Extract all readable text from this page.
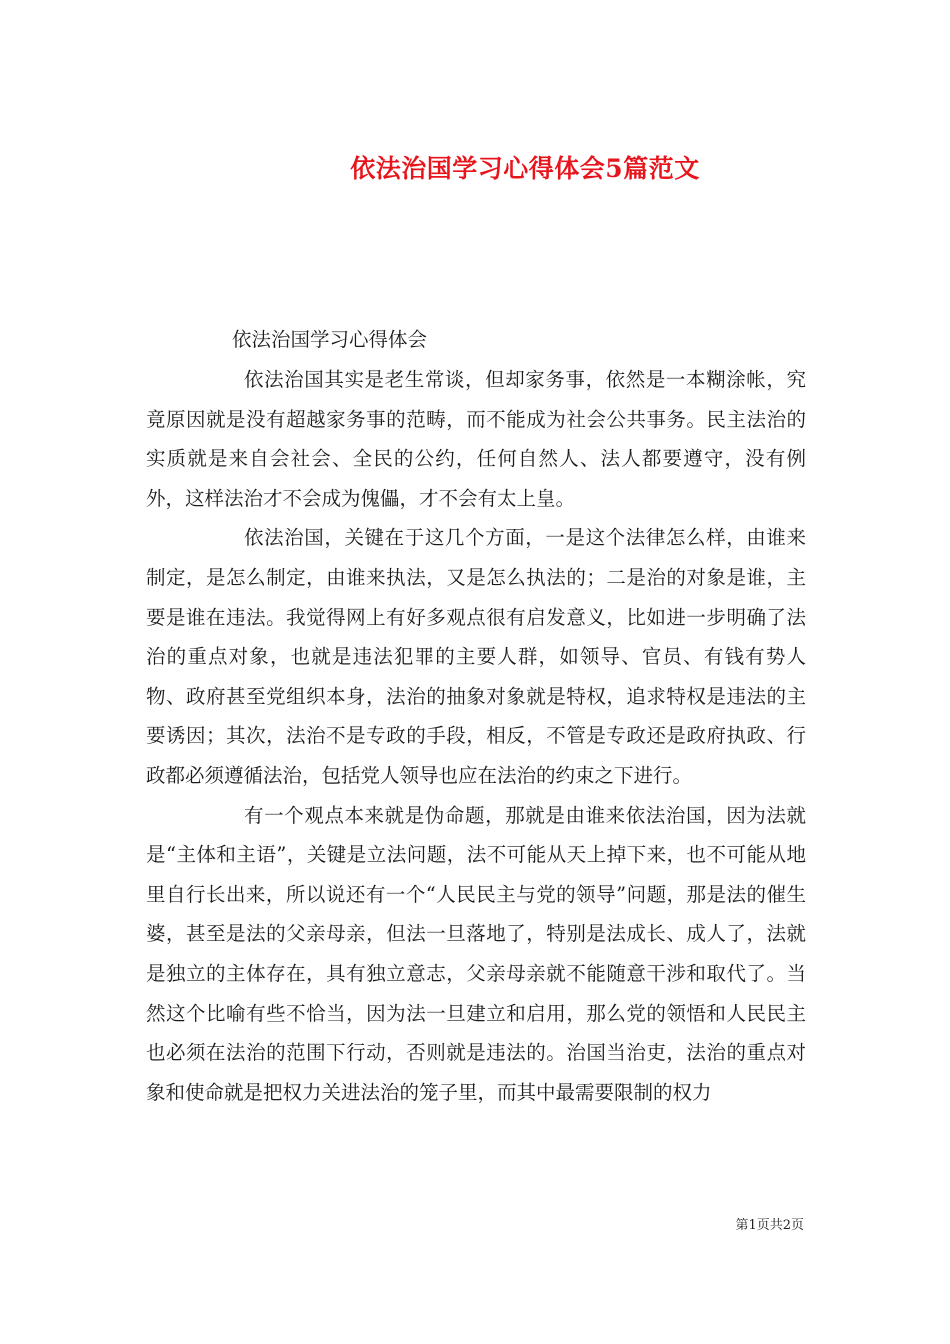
依法治国学习心得体会5篇范文

依法治国学习心得体会

依法治国其实是老生常谈，但却家务事，依然是一本糊涂帐，究竟原因就是没有超越家务事的范畴，而不能成为社会公共事务。民主法治的实质就是来自会社会、全民的公约，任何自然人、法人都要遵守，没有例外，这样法治才不会成为傀儡，才不会有太上皇。

依法治国，关键在于这几个方面，一是这个法律怎么样，由谁来制定，是怎么制定，由谁来执法，又是怎么执法的；二是治的对象是谁，主要是谁在违法。我觉得网上有好多观点很有启发意义，比如进一步明确了法治的重点对象，也就是违法犯罪的主要人群，如领导、官员、有钱有势人物、政府甚至党组织本身，法治的抽象对象就是特权，追求特权是违法的主要诱因；其次，法治不是专政的手段，相反，不管是专政还是政府执政、行政都必须遵循法治，包括党人领导也应在法治的约束之下进行。

有一个观点本来就是伪命题，那就是由谁来依法治国，因为法就是“主体和主语”，关键是立法问题，法不可能从天上掉下来，也不可能从地里自行长出来，所以说还有一个“人民民主与党的领导”问题，那是法的催生婆，甚至是法的父亲母亲，但法一旦落地了，特别是法成长、成人了，法就是独立的主体存在，具有独立意志，父亲母亲就不能随意干涉和取代了。当然这个比喻有些不恰当，因为法一旦建立和启用，那么党的领悟和人民民主也必须在法治的范围下行动，否则就是违法的。治国当治吏，法治的重点对象和使命就是把权力关进法治的笼子里，而其中最需要限制的权力

第1页共2页
